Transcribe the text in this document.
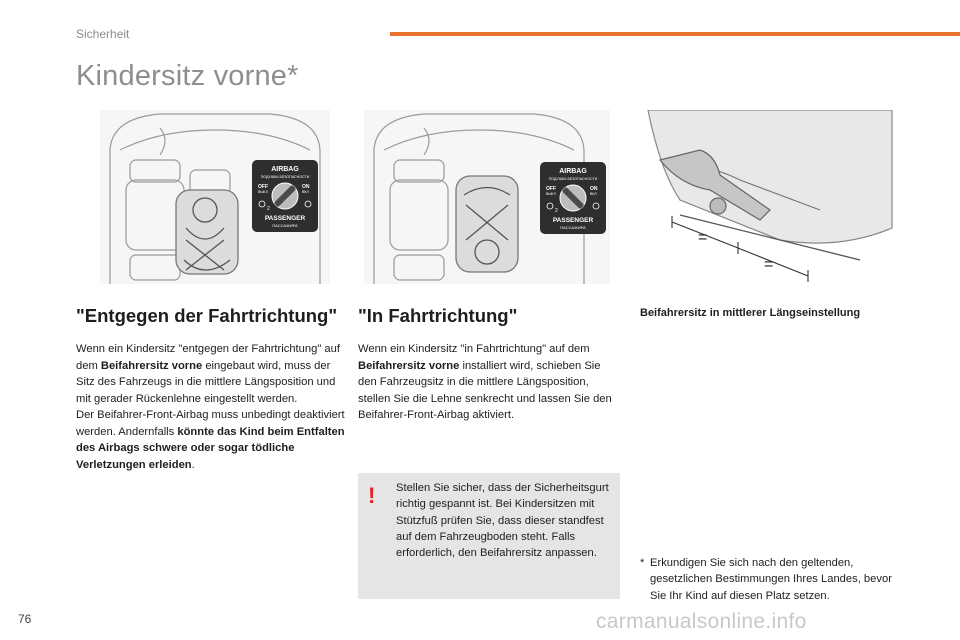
Sicherheit
Kindersitz vorne*
AIRBAG
ПОДУШКА БЕЗОПАСНОСТИ
OFF
ВЫКЛ
ON
ВКЛ
2
PASSENGER
ПАССАЖИРА
AIRBAG
ПОДУШКА БЕЗОПАСНОСТИ
OFF
ВЫКЛ
ON
ВКЛ
2
PASSENGER
ПАССАЖИРА
=
=
"Entgegen der Fahrtrichtung" "In Fahrtrichtung"	Beifahrersitz in mittlerer Längseinstellung
Wenn ein Kindersitz "entgegen der Fahrtrichtung" auf dem Beifahrersitz vorne eingebaut wird, muss der Sitz des Fahrzeugs in die mittlere Längsposition und mit gerader Rückenlehne eingestellt werden.
Der Beifahrer-Front-Airbag muss unbedingt deaktiviert werden. Andernfalls könnte das Kind beim Entfalten des Airbags schwere oder sogar tödliche Verletzungen erleiden.
Wenn ein Kindersitz "in Fahrtrichtung" auf dem Beifahrersitz vorne installiert wird, schieben Sie den Fahrzeugsitz in die mittlere Längsposition, stellen Sie die Lehne senkrecht und lassen Sie den Beifahrer-Front-Airbag aktiviert.
! Stellen Sie sicher, dass der Sicherheitsgurt richtig gespannt ist. Bei Kindersitzen mit Stützfuß prüfen Sie, dass dieser standfest auf dem Fahrzeugboden steht. Falls erforderlich, den Beifahrersitz anpassen.
* Erkundigen Sie sich nach den geltenden, gesetzlichen Bestimmungen Ihres Landes, bevor Sie Ihr Kind auf diesen Platz setzen.
76	carmanualsonline.info
